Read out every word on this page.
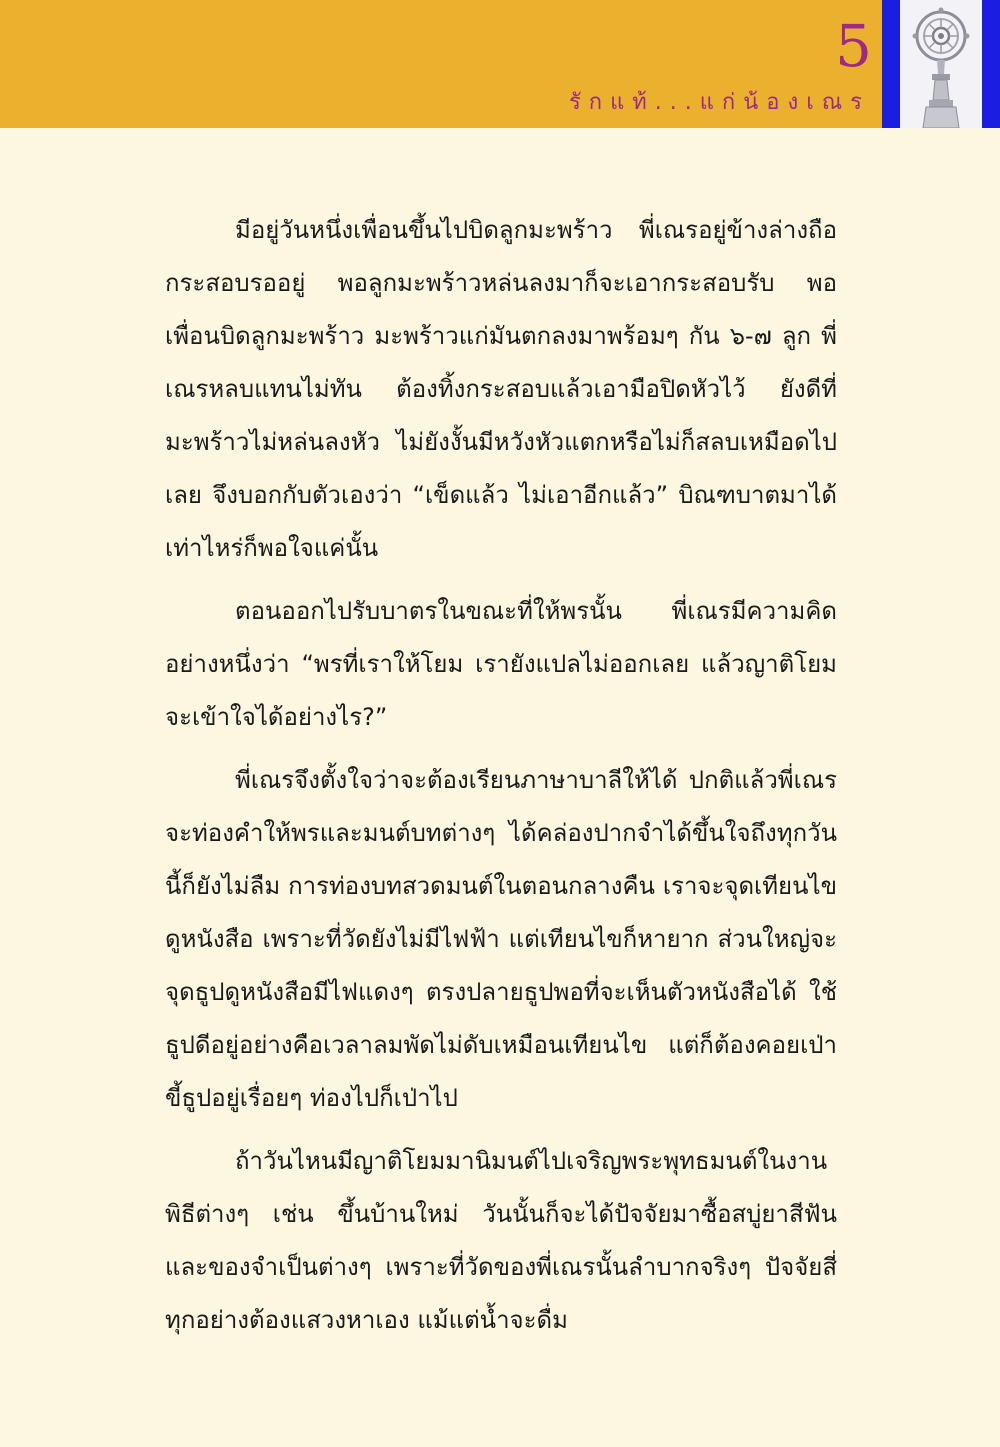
5
รักแท้...แก่น้องเณร

มีอยู่วันหนึ่งเพื่อนขึ้นไปบิดลูกมะพร้าว พี่เณรอยู่ข้างล่างถือกระสอบรออยู่ พอลูกมะพร้าวหล่นลงมาก็จะเอากระสอบรับ พอเพื่อนบิดลูกมะพร้าว มะพร้าวแก่มันตกลงมาพร้อมๆ กัน ๖-๗ ลูก พี่เณรหลบแทนไม่ทัน ต้องทิ้งกระสอบแล้วเอามือปิดหัวไว้ ยังดีที่มะพร้าวไม่หล่นลงหัว ไม่ยังงั้นมีหวังหัวแตกหรือไม่ก็สลบเหมือดไปเลย จึงบอกกับตัวเองว่า “เข็ดแล้ว ไม่เอาอีกแล้ว” บิณฑบาตมาได้เท่าไหร่ก็พอใจแค่นั้น

ตอนออกไปรับบาตรในขณะที่ให้พรนั้น พี่เณรมีความคิดอย่างหนึ่งว่า “พรที่เราให้โยม เรายังแปลไม่ออกเลย แล้วญาติโยมจะเข้าใจได้อย่างไร?”

พี่เณรจึงตั้งใจว่าจะต้องเรียนภาษาบาลีให้ได้ ปกติแล้วพี่เณรจะท่องคำให้พรและมนต์บทต่างๆ ได้คล่องปากจำได้ขึ้นใจถึงทุกวันนี้ก็ยังไม่ลืม การท่องบทสวดมนต์ในตอนกลางคืน เราจะจุดเทียนไขดูหนังสือ เพราะที่วัดยังไม่มีไฟฟ้า แต่เทียนไขก็หายาก ส่วนใหญ่จะจุดธูปดูหนังสือมีไฟแดงๆ ตรงปลายธูปพอที่จะเห็นตัวหนังสือได้ ใช้ธูปดีอยู่อย่างคือเวลาลมพัดไม่ดับเหมือนเทียนไข แต่ก็ต้องคอยเป่าขี้ธูปอยู่เรื่อยๆ ท่องไปก็เป่าไป

ถ้าวันไหนมีญาติโยมมานิมนต์ไปเจริญพระพุทธมนต์ในงานพิธีต่างๆ เช่น ขึ้นบ้านใหม่ วันนั้นก็จะได้ปัจจัยมาซื้อสบู่ยาสีฟัน และของจำเป็นต่างๆ เพราะที่วัดของพี่เณรนั้นลำบากจริงๆ ปัจจัยสี่ทุกอย่างต้องแสวงหาเอง แม้แต่น้ำจะดื่ม
